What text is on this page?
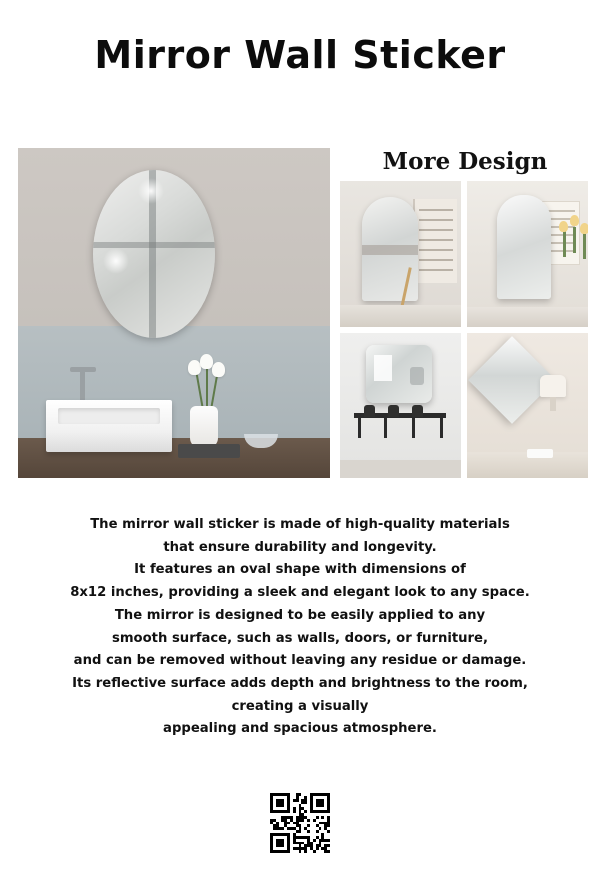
Mirror Wall Sticker
More Design
The mirror wall sticker is made of high-quality materials
that ensure durability and longevity.
It features an oval shape with dimensions of
8x12 inches, providing a sleek and elegant look to any space.
The mirror is designed to be easily applied to any
smooth surface, such as walls, doors, or furniture,
and can be removed without leaving any residue or damage.
Its reflective surface adds depth and brightness to the room,
creating a visually
appealing and spacious atmosphere.
